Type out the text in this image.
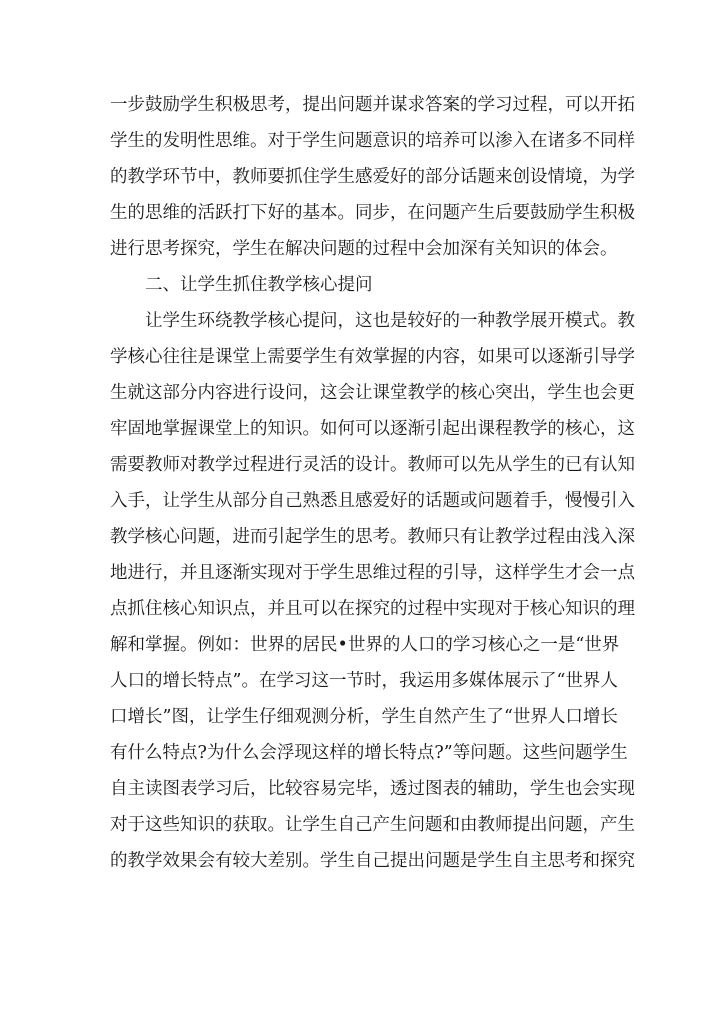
一步鼓励学生积极思考，提出问题并谋求答案的学习过程，可以开拓
学生的发明性思维。对于学生问题意识的培养可以渗入在诸多不同样
的教学环节中，教师要抓住学生感爱好的部分话题来创设情境，为学
生的思维的活跃打下好的基本。同步，在问题产生后要鼓励学生积极
进行思考探究，学生在解决问题的过程中会加深有关知识的体会。
二、让学生抓住教学核心提问
让学生环绕教学核心提问，这也是较好的一种教学展开模式。教
学核心往往是课堂上需要学生有效掌握的内容，如果可以逐渐引导学
生就这部分内容进行设问，这会让课堂教学的核心突出，学生也会更
牢固地掌握课堂上的知识。如何可以逐渐引起出课程教学的核心，这
需要教师对教学过程进行灵活的设计。教师可以先从学生的已有认知
入手，让学生从部分自己熟悉且感爱好的话题或问题着手，慢慢引入
教学核心问题，进而引起学生的思考。教师只有让教学过程由浅入深
地进行，并且逐渐实现对于学生思维过程的引导，这样学生才会一点
点抓住核心知识点，并且可以在探究的过程中实现对于核心知识的理
解和掌握。例如：世界的居民•世界的人口的学习核心之一是“世界
人口的增长特点”。在学习这一节时，我运用多媒体展示了“世界人
口增长”图，让学生仔细观测分析，学生自然产生了“世界人口增长
有什么特点?为什么会浮现这样的增长特点?”等问题。这些问题学生
自主读图表学习后，比较容易完毕，透过图表的辅助，学生也会实现
对于这些知识的获取。让学生自己产生问题和由教师提出问题，产生
的教学效果会有较大差别。学生自己提出问题是学生自主思考和探究
